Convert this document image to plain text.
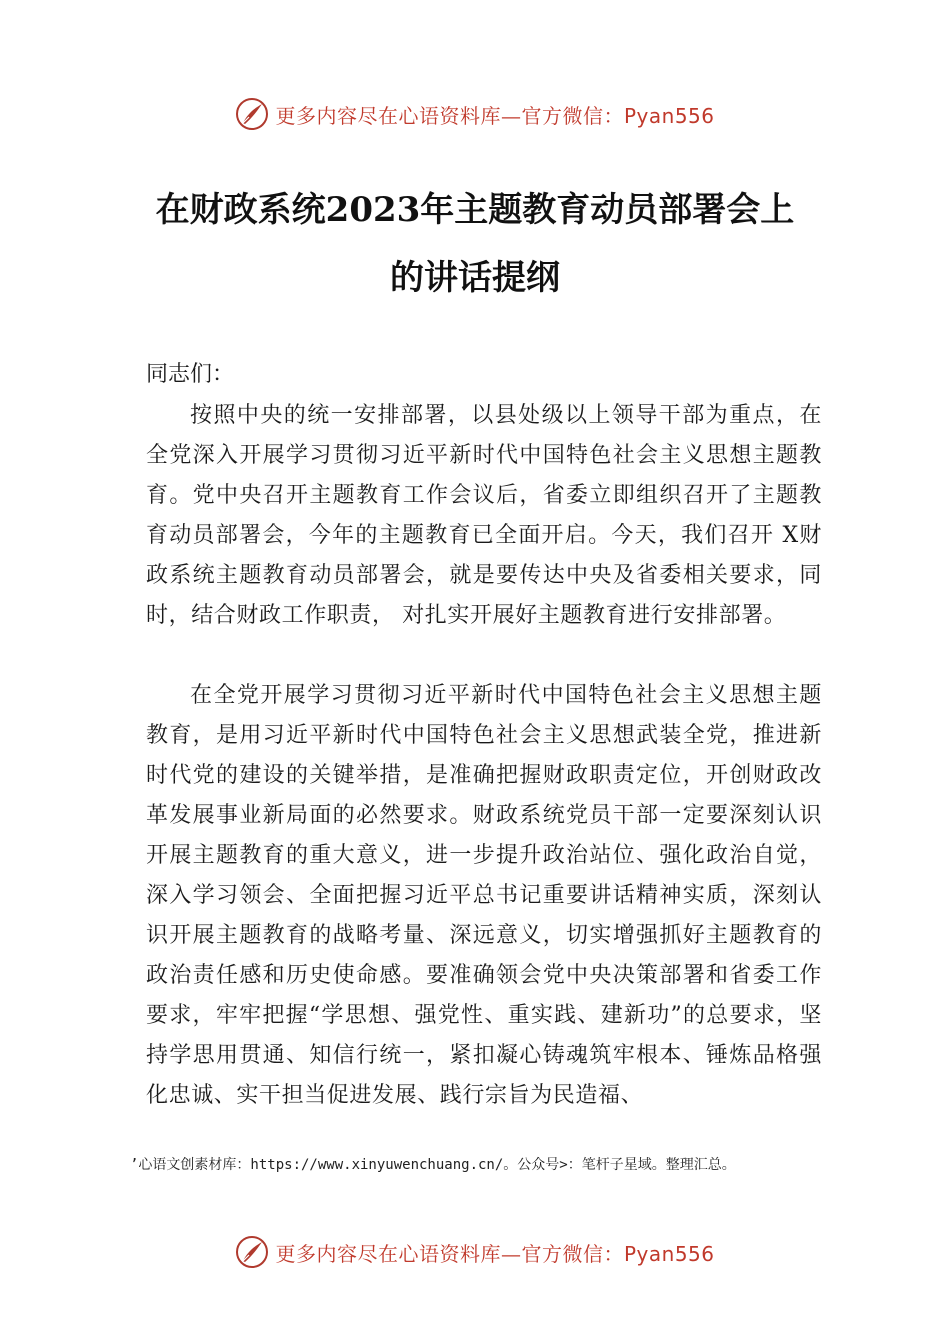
更多内容尽在心语资料库—官方微信：Pyan556
在财政系统2023年主题教育动员部署会上
的讲话提纲
同志们：
按照中央的统一安排部署，以县处级以上领导干部为重点，在全党深入开展学习贯彻习近平新时代中国特色社会主义思想主题教育。党中央召开主题教育工作会议后，省委立即组织召开了主题教育动员部署会，今年的主题教育已全面开启。今天，我们召开 X财政系统主题教育动员部署会，就是要传达中央及省委相关要求，同时，结合财政工作职责， 对扎实开展好主题教育进行安排部署。
在全党开展学习贯彻习近平新时代中国特色社会主义思想主题教育，是用习近平新时代中国特色社会主义思想武装全党，推进新时代党的建设的关键举措，是准确把握财政职责定位，开创财政改革发展事业新局面的必然要求。财政系统党员干部一定要深刻认识开展主题教育的重大意义，进一步提升政治站位、强化政治自觉，深入学习领会、全面把握习近平总书记重要讲话精神实质，深刻认识开展主题教育的战略考量、深远意义，切实增强抓好主题教育的政治责任感和历史使命感。要准确领会党中央决策部署和省委工作要求，牢牢把握“学思想、强党性、重实践、建新功”的总要求，坚持学思用贯通、知信行统一，紧扣凝心铸魂筑牢根本、锤炼品格强化忠诚、实干担当促进发展、践行宗旨为民造福、
’心语文创素材库：https://www.xinyuwenchuang.cn/。公众号>：笔杆子星域。整理汇总。
更多内容尽在心语资料库—官方微信：Pyan556
